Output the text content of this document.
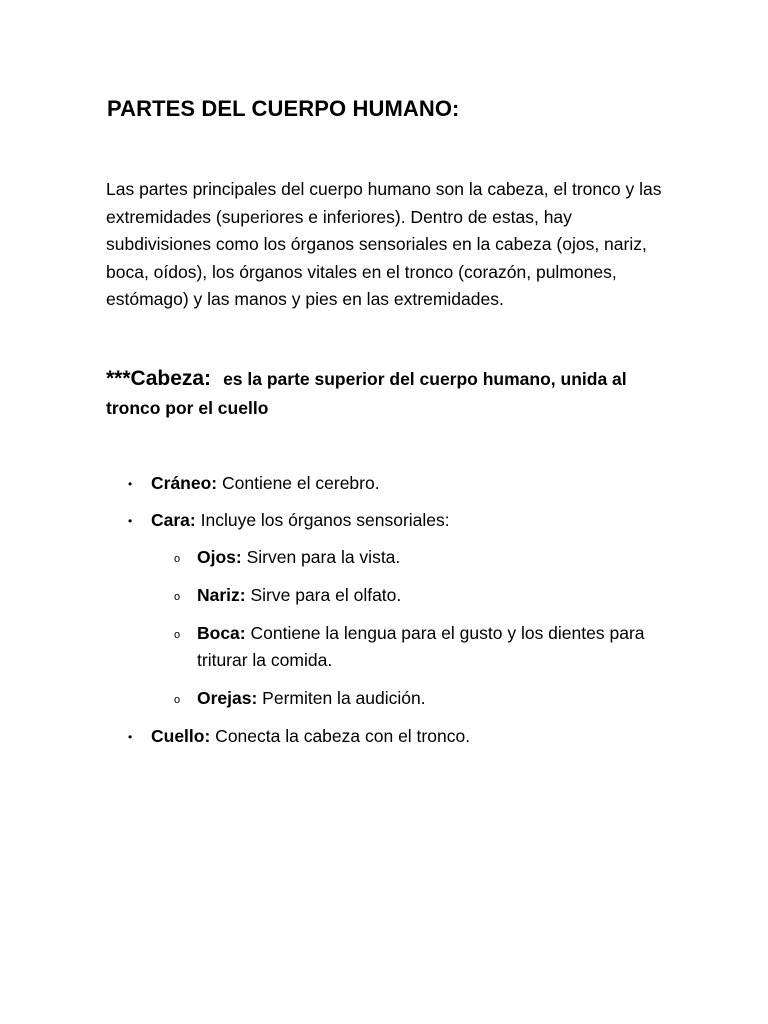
PARTES DEL CUERPO HUMANO:

Las partes principales del cuerpo humano son la cabeza, el tronco y las extremidades (superiores e inferiores). Dentro de estas, hay subdivisiones como los órganos sensoriales en la cabeza (ojos, nariz, boca, oídos), los órganos vitales en el tronco (corazón, pulmones, estómago) y las manos y pies en las extremidades.

***Cabeza: es la parte superior del cuerpo humano, unida al tronco por el cuello

• Cráneo: Contiene el cerebro.
• Cara: Incluye los órganos sensoriales:
o Ojos: Sirven para la vista.
o Nariz: Sirve para el olfato.
o Boca: Contiene la lengua para el gusto y los dientes para triturar la comida.
o Orejas: Permiten la audición.
• Cuello: Conecta la cabeza con el tronco.
